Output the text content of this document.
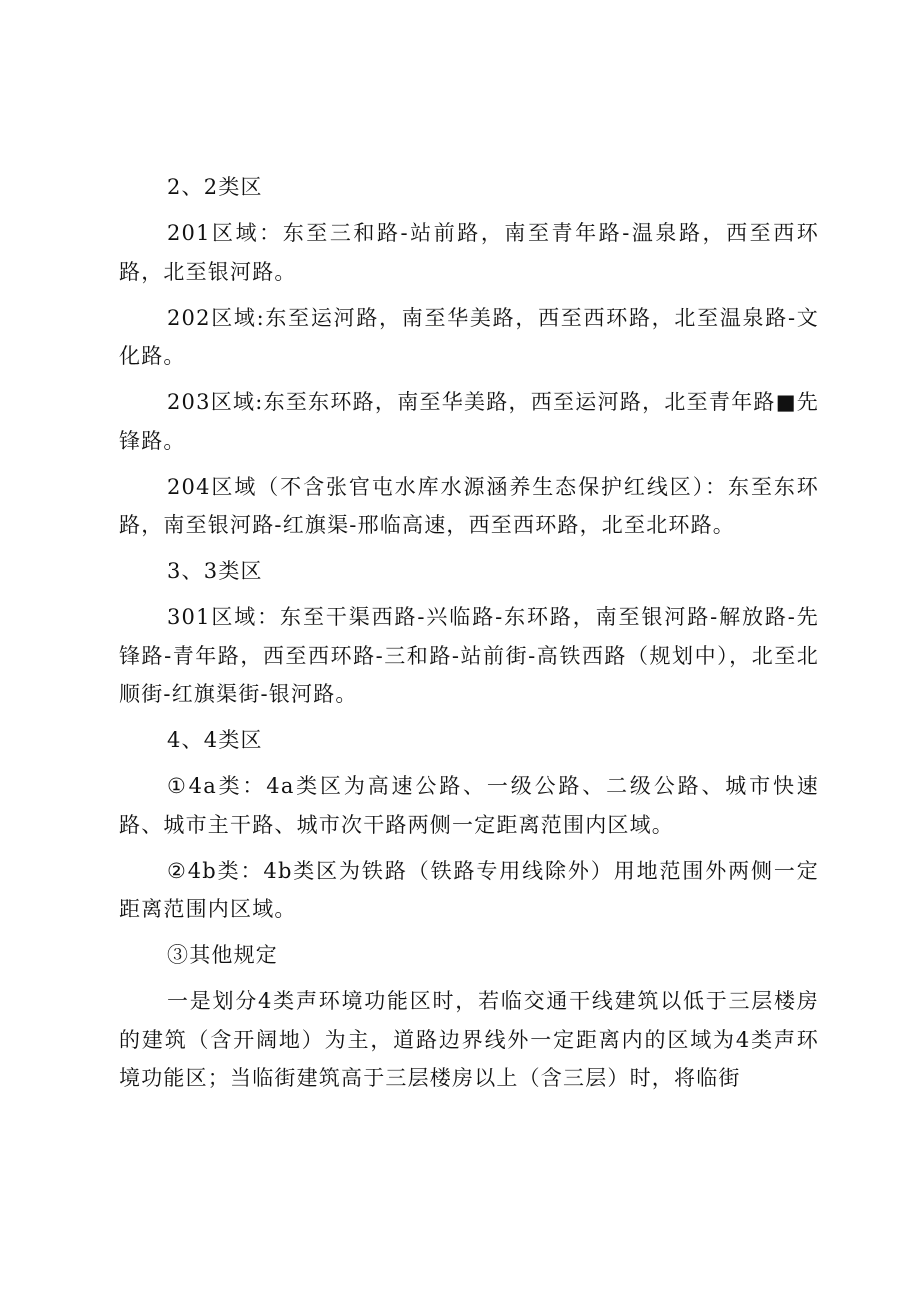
2、2类区

201区域：东至三和路-站前路，南至青年路-温泉路，西至西环路，北至银河路。

202区域:东至运河路，南至华美路，西至西环路，北至温泉路-文化路。

203区域:东至东环路，南至华美路，西至运河路，北至青年路■先锋路。

204区域（不含张官屯水库水源涵养生态保护红线区）：东至东环路，南至银河路-红旗渠-邢临高速，西至西环路，北至北环路。

3、3类区

301区域：东至干渠西路-兴临路-东环路，南至银河路-解放路-先锋路-青年路，西至西环路-三和路-站前街-高铁西路（规划中），北至北顺街-红旗渠街-银河路。

4、4类区

①4a类：4a类区为高速公路、一级公路、二级公路、城市快速路、城市主干路、城市次干路两侧一定距离范围内区域。

②4b类：4b类区为铁路（铁路专用线除外）用地范围外两侧一定距离范围内区域。

③其他规定

一是划分4类声环境功能区时，若临交通干线建筑以低于三层楼房的建筑（含开阔地）为主，道路边界线外一定距离内的区域为4类声环境功能区；当临街建筑高于三层楼房以上（含三层）时，将临街
